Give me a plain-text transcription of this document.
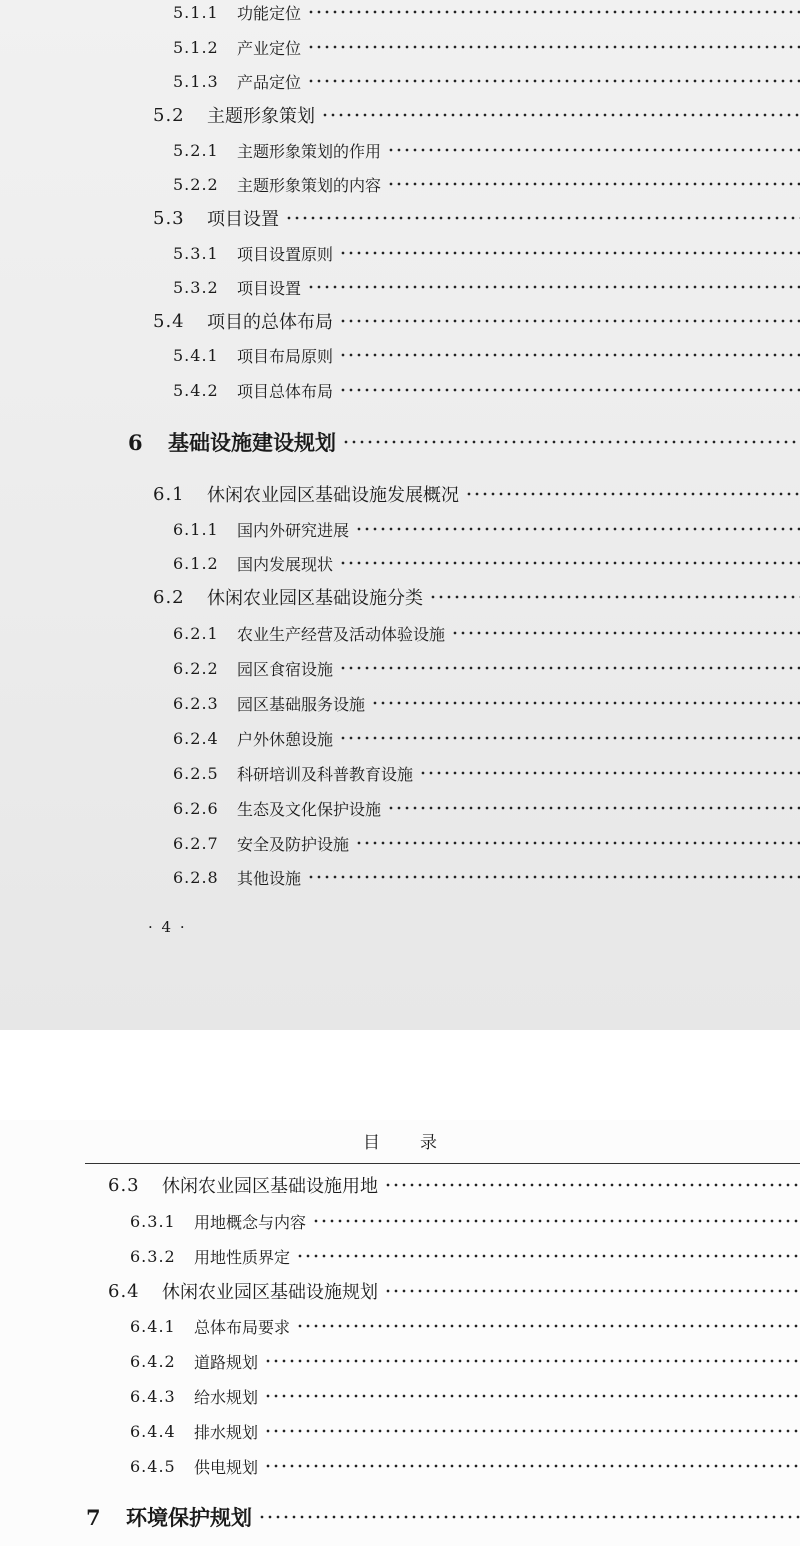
5.1.1 功能定位
5.1.2 产业定位
5.1.3 产品定位
5.2	主题形象策划
5.2.1 主题形象策划的作用
5.2.2 主题形象策划的内容
5.3	项目设置
5.3.1 项目设置原则
5.3.2 项目设置
5.4	项目的总体布局
5.4.1 项目布局原则
5.4.2 项目总体布局
6	基础设施建设规划
6.1	休闲农业园区基础设施发展概况
6.1.1 国内外研究进展
6.1.2 国内发展现状
6.2	休闲农业园区基础设施分类
6.2.1 农业生产经营及活动体验设施
6.2.2 园区食宿设施
6.2.3 园区基础服务设施
6.2.4 户外休憩设施
6.2.5 科研培训及科普教育设施
6.2.6 生态及文化保护设施
6.2.7 安全及防护设施
6.2.8 其他设施
· 4 ·
目录
6.3	休闲农业园区基础设施用地
6.3.1 用地概念与内容
6.3.2 用地性质界定
6.4	休闲农业园区基础设施规划
6.4.1 总体布局要求
6.4.2 道路规划
6.4.3 给水规划
6.4.4 排水规划
6.4.5 供电规划
7	环境保护规划
